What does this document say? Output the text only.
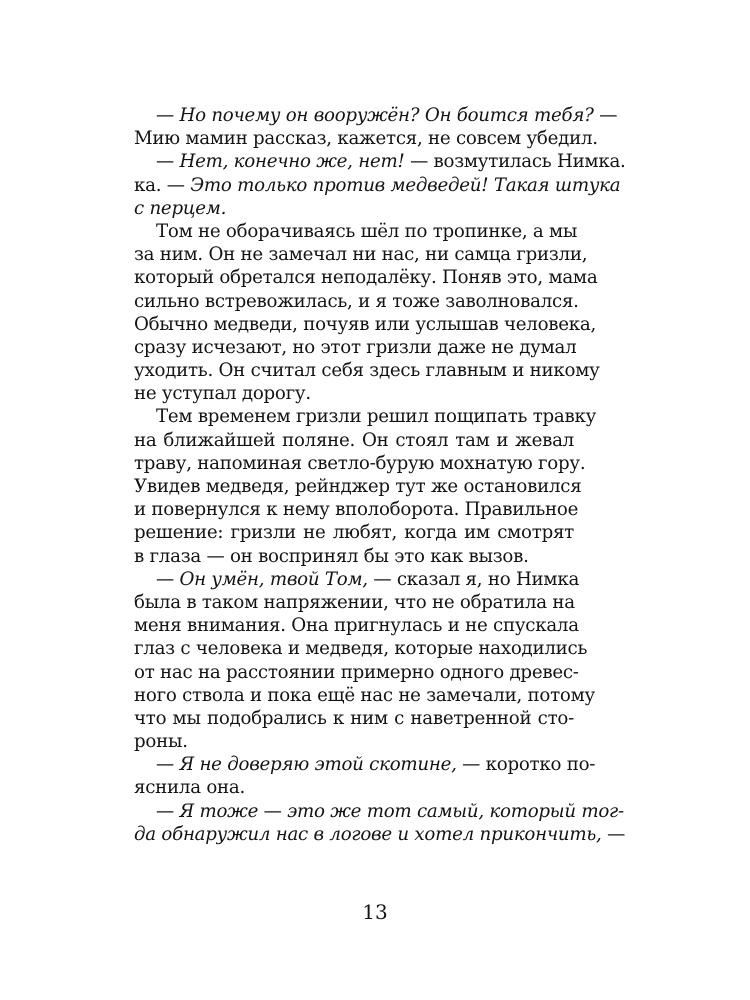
— Но почему он вооружён? Он боится тебя? —
Мию мамин рассказ, кажется, не совсем убедил.
— Нет, конечно же, нет! — возмутилась Нимка.
ка. — Это только против медведей! Такая штука
с перцем.
Том не оборачиваясь шёл по тропинке, а мы
за ним. Он не замечал ни нас, ни самца гризли,
который обретался неподалёку. Поняв это, мама
сильно встревожилась, и я тоже заволновался.
Обычно медведи, почуяв или услышав человека,
сразу исчезают, но этот гризли даже не думал
уходить. Он считал себя здесь главным и никому
не уступал дорогу.
Тем временем гризли решил пощипать травку
на ближайшей поляне. Он стоял там и жевал
траву, напоминая светло-бурую мохнатую гору.
Увидев медведя, рейнджер тут же остановился
и повернулся к нему вполоборота. Правильное
решение: гризли не любят, когда им смотрят
в глаза — он воспринял бы это как вызов.
— Он умён, твой Том, — сказал я, но Нимка
была в таком напряжении, что не обратила на
меня внимания. Она пригнулась и не спускала
глаз с человека и медведя, которые находились
от нас на расстоянии примерно одного древес-
ного ствола и пока ещё нас не замечали, потому
что мы подобрались к ним с наветренной сто-
роны.
— Я не доверяю этой скотине, — коротко по-
яснила она.
— Я тоже — это же тот самый, который тог-
да обнаружил нас в логове и хотел прикончить, —
13
